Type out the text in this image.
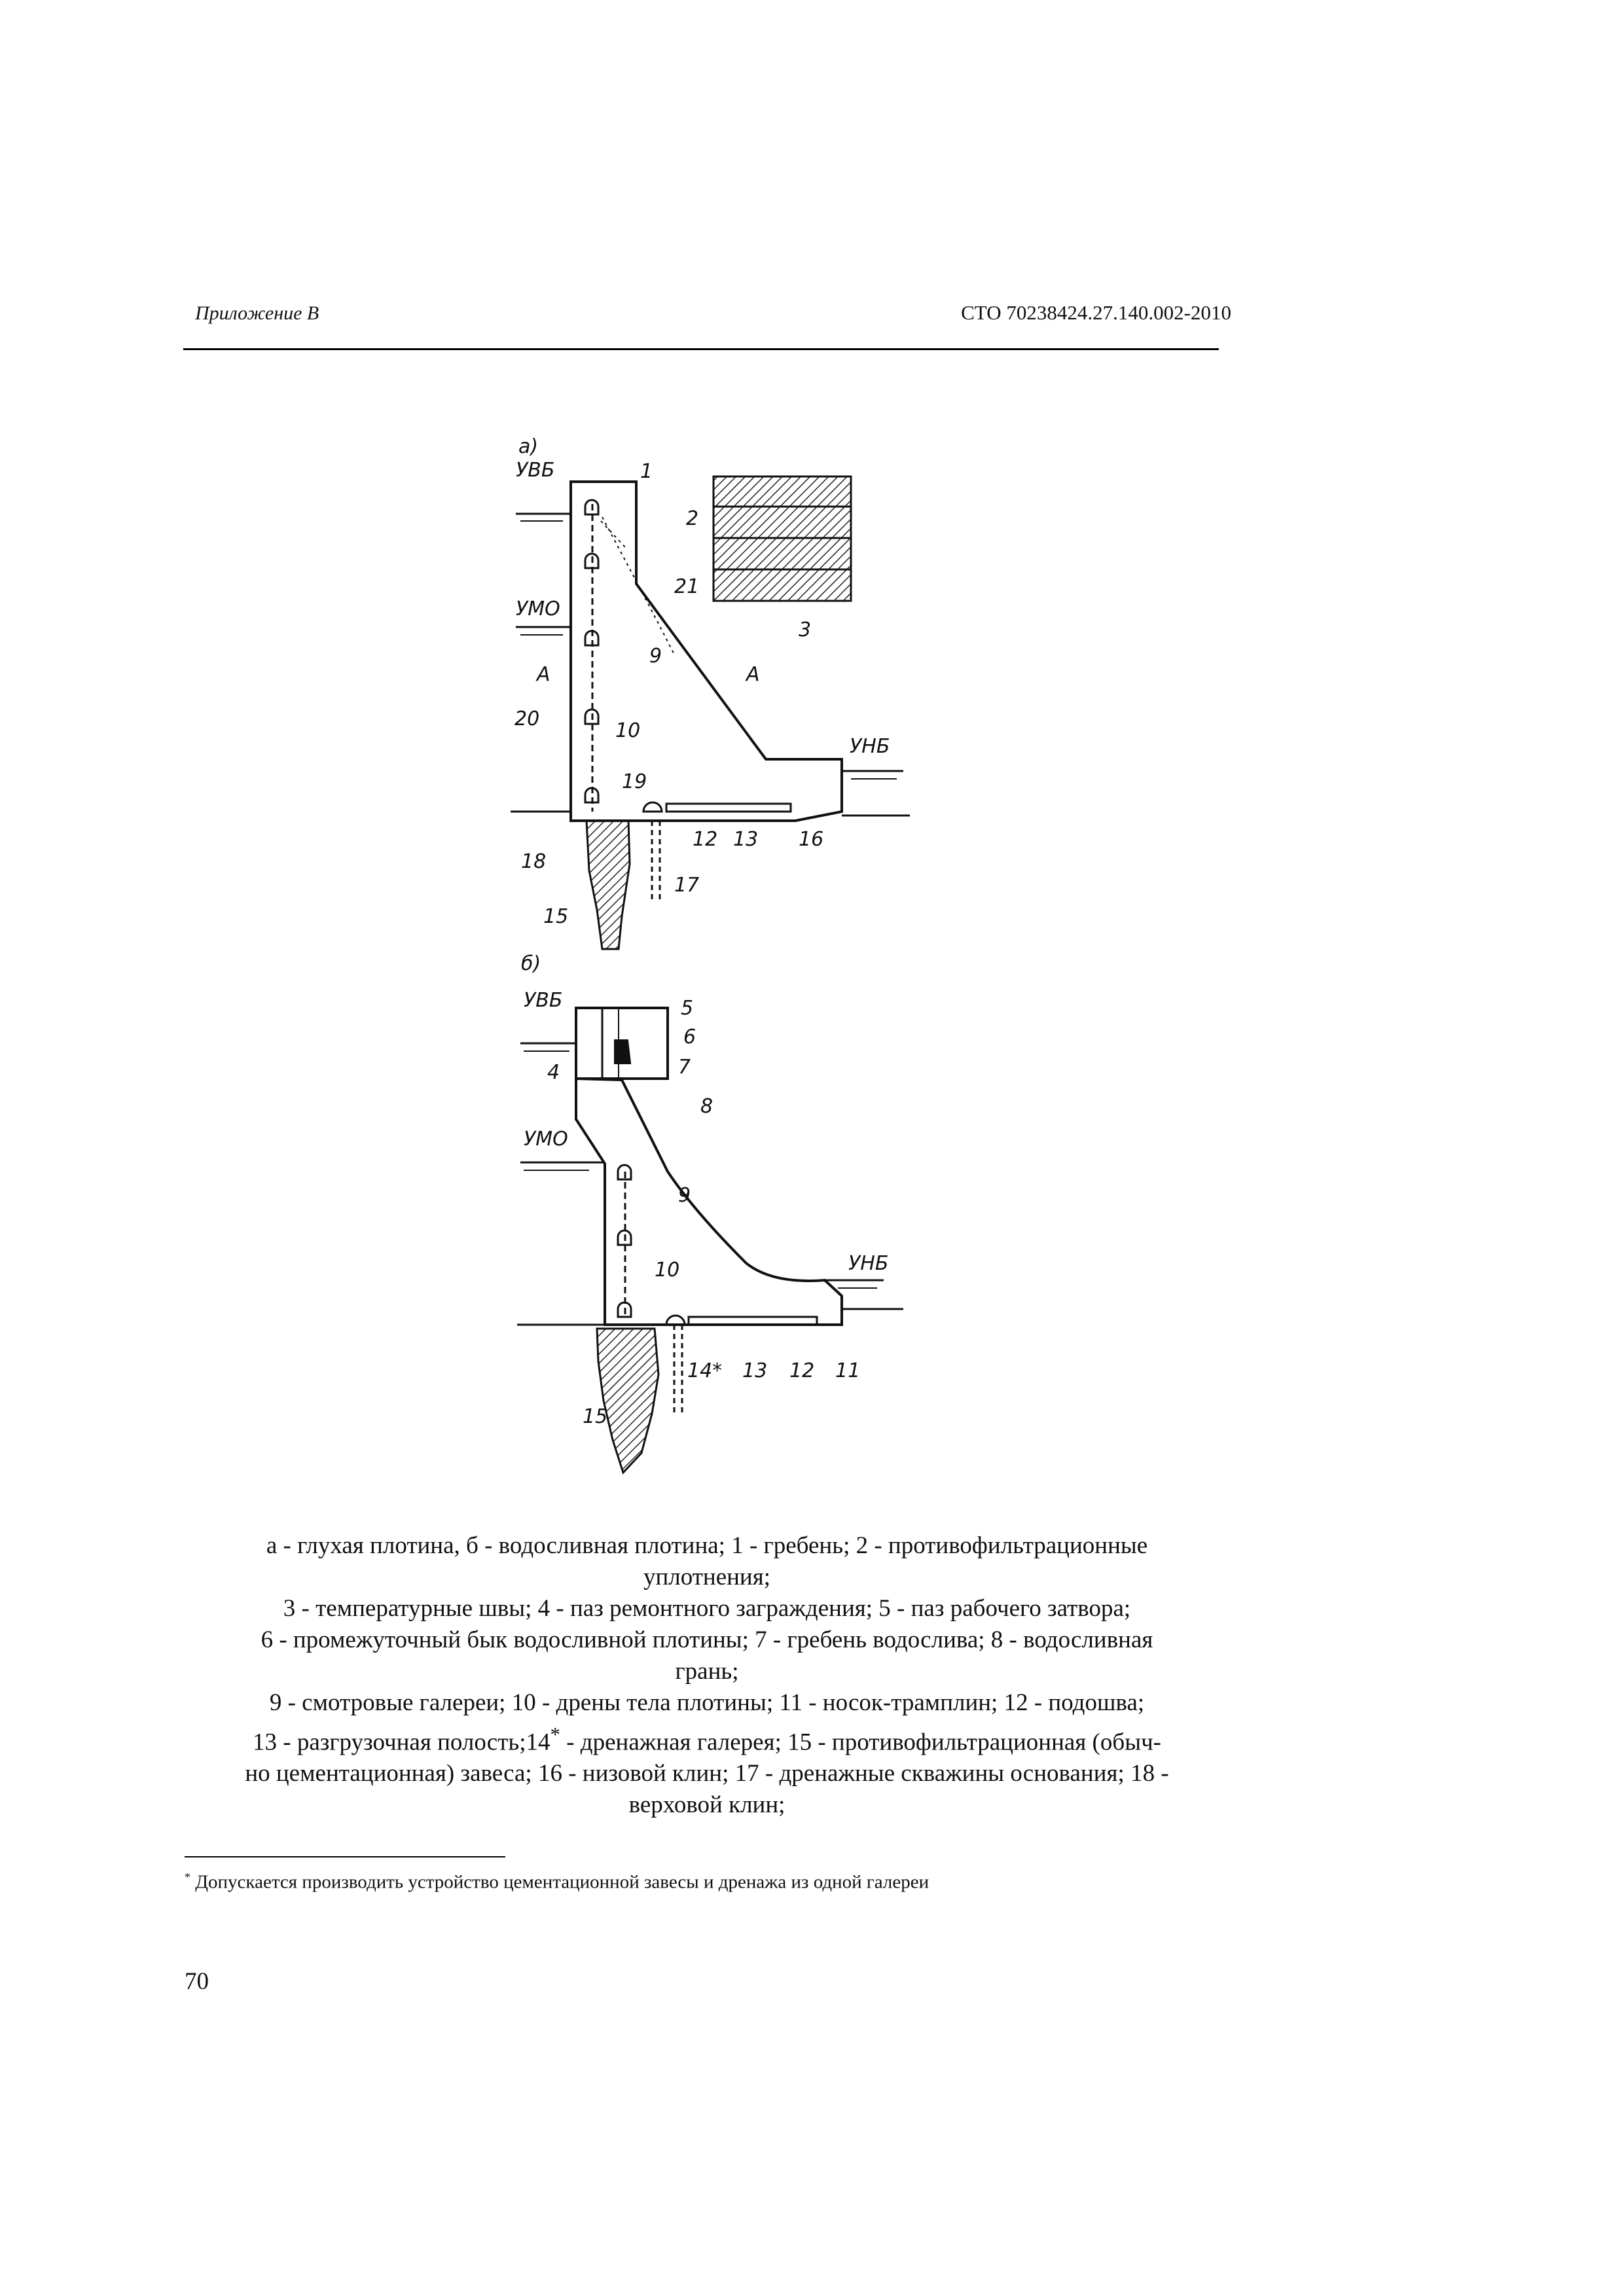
Приложение В	СТО 70238424.27.140.002-2010
а)
УВБ
УМО
УНБ
А	А
1
2
3
9
10
12 13
15
16
17
18
19
20
21
б)
УВБ
УМО
УНБ
4
5
6
7
8
9
10
11
12
13
14*
15
а - глухая плотина, б - водосливная плотина; 1 - гребень; 2 - противофильтрационные
уплотнения;
3 - температурные швы; 4 - паз ремонтного заграждения; 5 - паз рабочего затвора;
6 - промежуточный бык водосливной плотины; 7 - гребень водослива; 8 - водосливная
грань;
9 - смотровые галереи; 10 - дрены тела плотины; 11 - носок-трамплин; 12 - подошва;
13 - разгрузочная полость;14* - дренажная галерея; 15 - противофильтрационная (обыч-
но цементационная) завеса; 16 - низовой клин; 17 - дренажные скважины основания; 18 -
верховой клин;
* Допускается производить устройство цементационной завесы и дренажа из одной галереи
70
